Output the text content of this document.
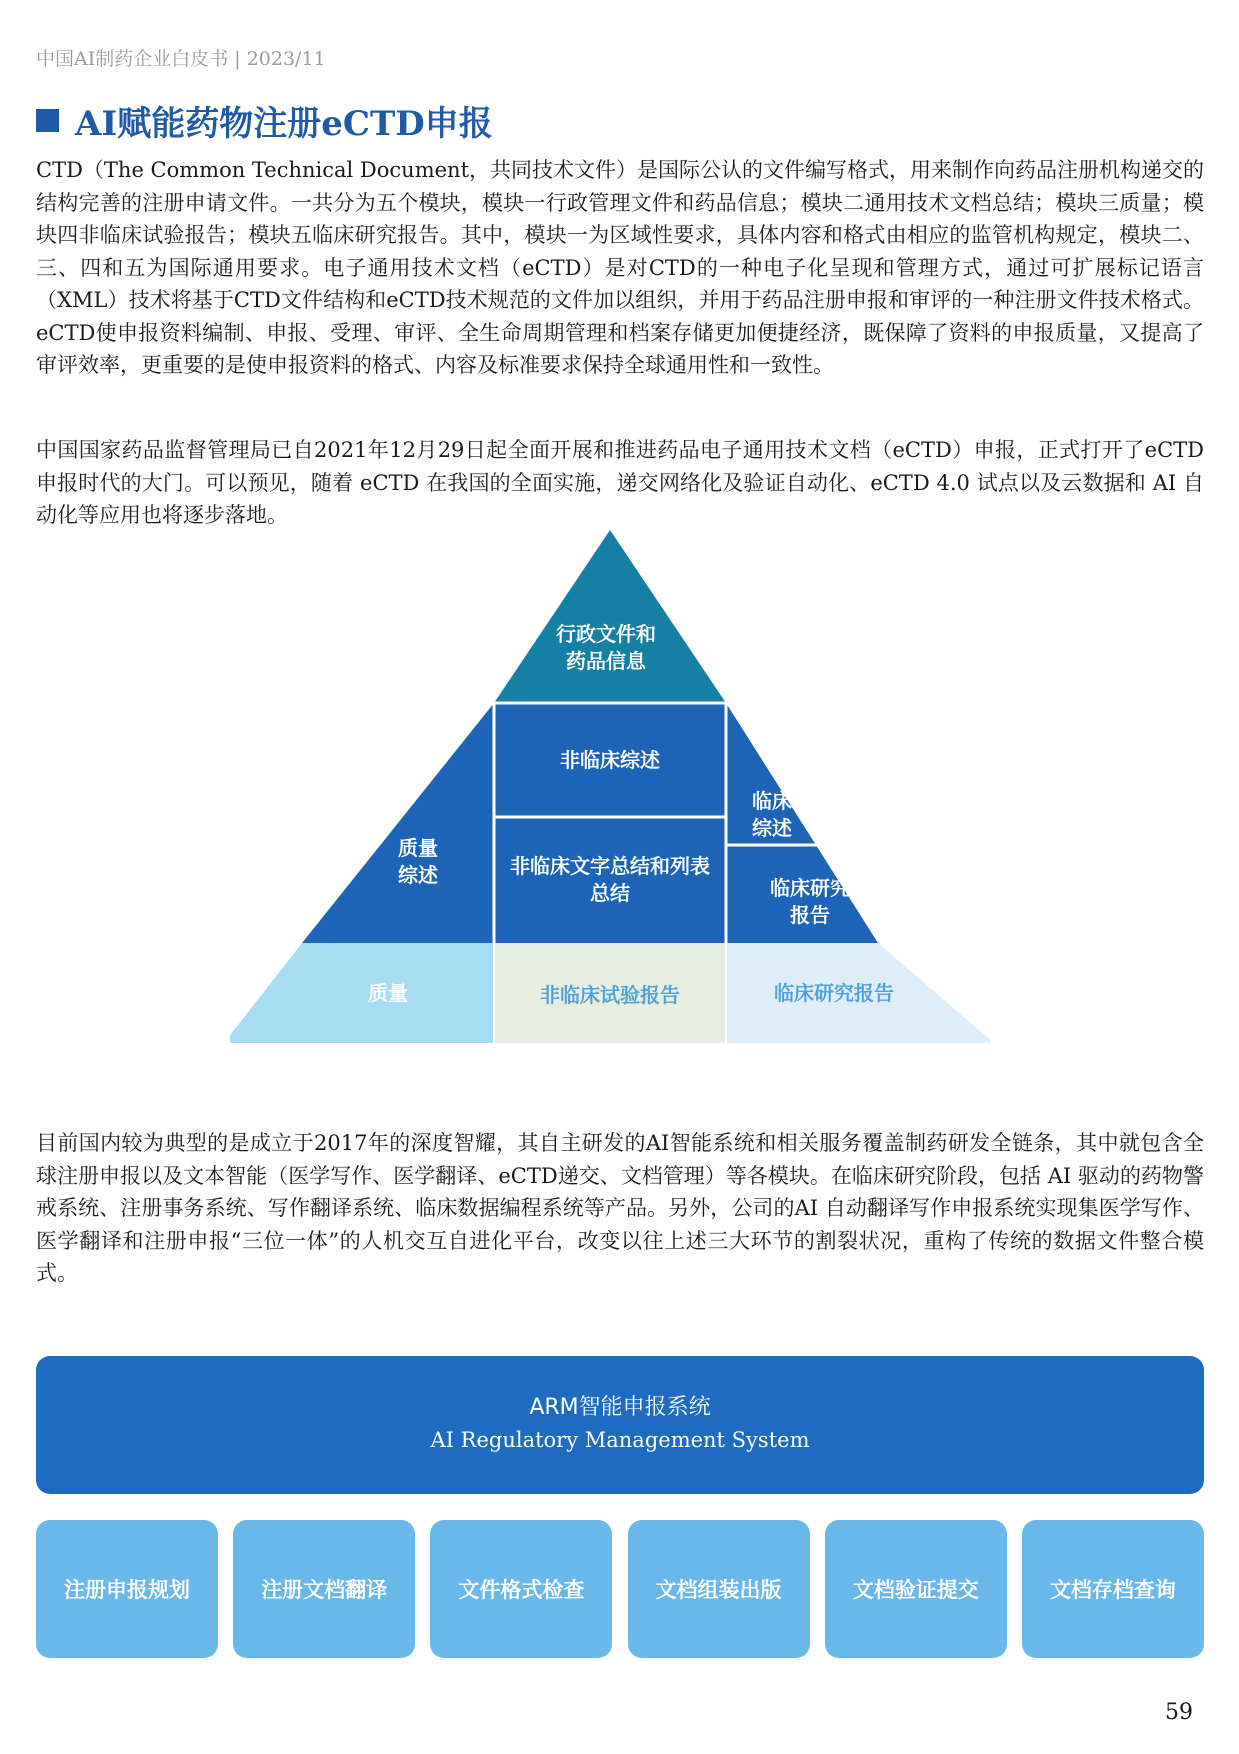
中国AI制药企业白皮书 | 2023/11
AI赋能药物注册eCTD申报

CTD（The Common Technical Document，共同技术文件）是国际公认的文件编写格式，用来制作向药品注册机构递交的结构完善的注册申请文件。一共分为五个模块，模块一行政管理文件和药品信息；模块二通用技术文档总结；模块三质量；模块四非临床试验报告；模块五临床研究报告。其中，模块一为区域性要求，具体内容和格式由相应的监管机构规定，模块二、三、四和五为国际通用要求。电子通用技术文档（eCTD）是对CTD的一种电子化呈现和管理方式，通过可扩展标记语言（XML）技术将基于CTD文件结构和eCTD技术规范的文件加以组织，并用于药品注册申报和审评的一种注册文件技术格式。eCTD使申报资料编制、申报、受理、审评、全生命周期管理和档案存储更加便捷经济，既保障了资料的申报质量，又提高了审评效率，更重要的是使申报资料的格式、内容及标准要求保持全球通用性和一致性。

中国国家药品监督管理局已自2021年12月29日起全面开展和推进药品电子通用技术文档（eCTD）申报，正式打开了eCTD申报时代的大门。可以预见，随着 eCTD 在我国的全面实施，递交网络化及验证自动化、eCTD 4.0 试点以及云数据和 AI 自动化等应用也将逐步落地。

行政文件和
药品信息
质量
综述
非临床综述
非临床文字总结和列表
总结
临床
综述
临床研究
报告
质量	非临床试验报告	临床研究报告

目前国内较为典型的是成立于2017年的深度智耀，其自主研发的AI智能系统和相关服务覆盖制药研发全链条，其中就包含全球注册申报以及文本智能（医学写作、医学翻译、eCTD递交、文档管理）等各模块。在临床研究阶段，包括 AI 驱动的药物警戒系统、注册事务系统、写作翻译系统、临床数据编程系统等产品。另外，公司的AI 自动翻译写作申报系统实现集医学写作、医学翻译和注册申报“三位一体”的人机交互自进化平台，改变以往上述三大环节的割裂状况，重构了传统的数据文件整合模式。

ARM智能申报系统
AI Regulatory Management System
注册申报规划	注册文档翻译	文件格式检查	文档组装出版	文档验证提交	文档存档查询
59
